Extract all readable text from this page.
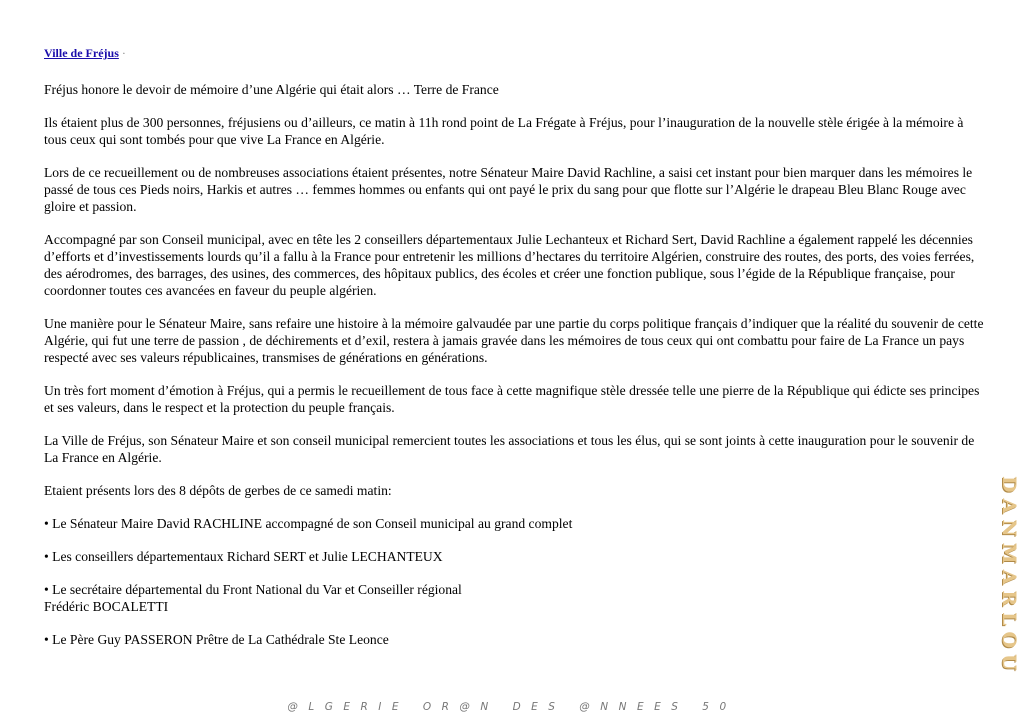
Ville de Fréjus ·

Fréjus honore le devoir de mémoire d’une Algérie qui était alors … Terre de France

Ils étaient plus de 300 personnes, fréjusiens ou d’ailleurs, ce matin à 11h rond point de La Frégate à Fréjus, pour l’inauguration de la nouvelle stèle érigée à la mémoire à tous ceux qui sont tombés pour que vive La France en Algérie.

Lors de ce recueillement ou de nombreuses associations étaient présentes, notre Sénateur Maire David Rachline, a saisi cet instant pour bien marquer dans les mémoires le passé de tous ces Pieds noirs, Harkis et autres … femmes hommes ou enfants qui ont payé le prix du sang pour que flotte sur l’Algérie le drapeau Bleu Blanc Rouge avec gloire et passion.

Accompagné par son Conseil municipal, avec en tête les 2 conseillers départementaux Julie Lechanteux et Richard Sert, David Rachline a également rappelé les décennies d’efforts et d’investissements lourds qu’il a fallu à la France pour entretenir les millions d’hectares du territoire Algérien, construire des routes, des ports, des voies ferrées, des aérodromes, des barrages, des usines, des commerces, des hôpitaux publics, des écoles et créer une fonction publique, sous l’égide de la République française, pour coordonner toutes ces avancées en faveur du peuple algérien.

Une manière pour le Sénateur Maire, sans refaire une histoire à la mémoire galvaudée par une partie du corps politique français d’indiquer que la réalité du souvenir de cette Algérie, qui fut une terre de passion , de déchirements et d’exil, restera à jamais gravée dans les mémoires de tous ceux qui ont combattu pour faire de La France un pays respecté avec ses valeurs républicaines, transmises de générations en générations.

Un très fort moment d’émotion à Fréjus, qui a permis le recueillement de tous face à cette magnifique stèle dressée telle une pierre de la République qui édicte ses principes et ses valeurs, dans le respect et la protection du peuple français.

La Ville de Fréjus, son Sénateur Maire et son conseil municipal remercient toutes les associations et tous les élus, qui se sont joints à cette inauguration pour le souvenir de La France en Algérie.

Etaient présents lors des 8 dépôts de gerbes de ce samedi matin:

• Le Sénateur Maire David RACHLINE accompagné de son Conseil municipal au grand complet

• Les conseillers départementaux Richard SERT et Julie LECHANTEUX

• Le secrétaire départemental du Front National du Var et Conseiller régional

Frédéric BOCALETTI

• Le Père Guy PASSERON Prêtre de La Cathédrale Ste Leonce	DANMARLOU
@LGERIE OR@N DES @NNEES 50
